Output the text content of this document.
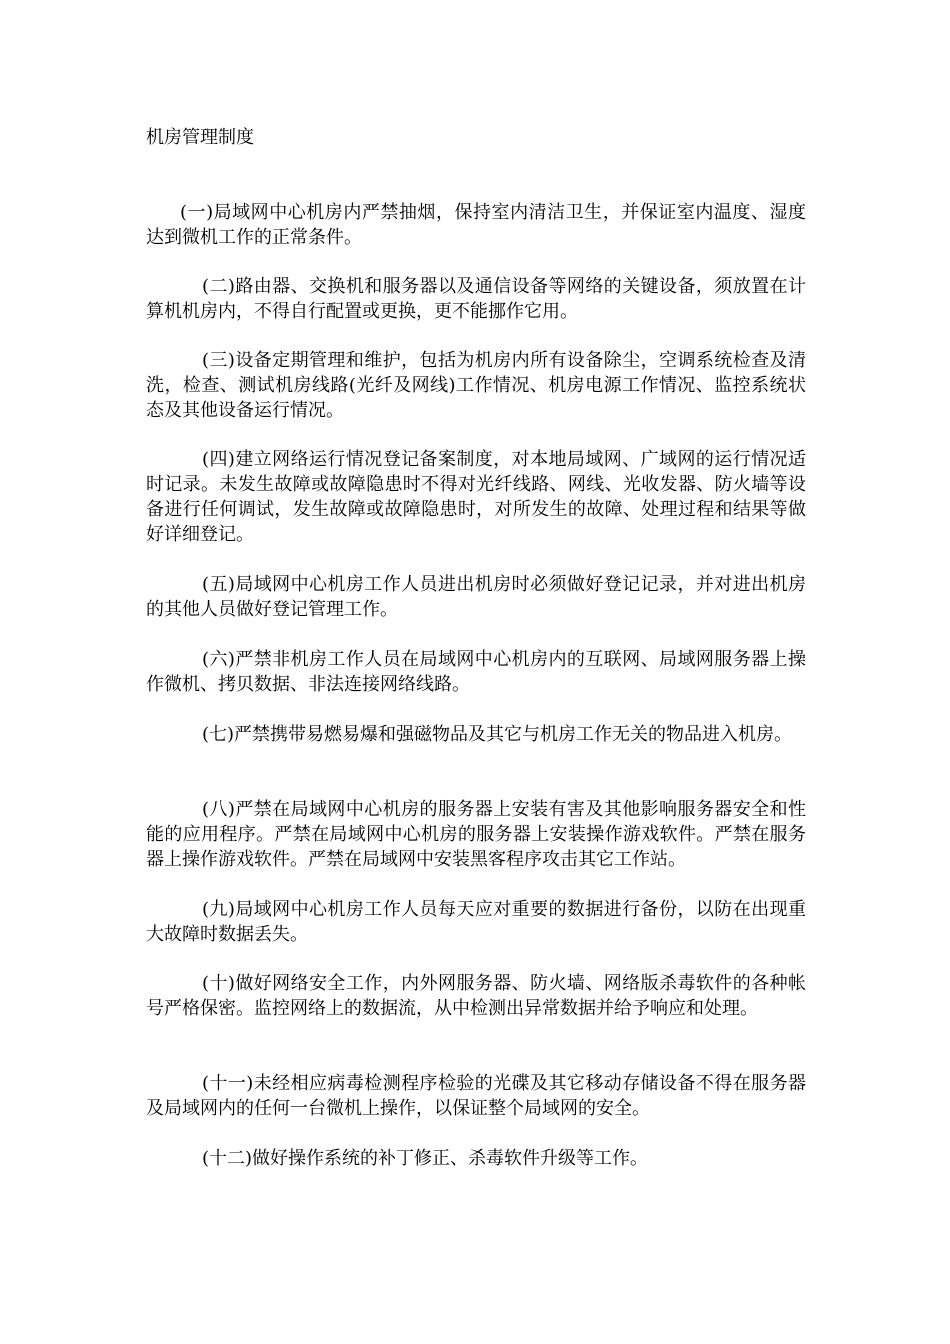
机房管理制度

(一)局域网中心机房内严禁抽烟，保持室内清洁卫生，并保证室内温度、湿度达到微机工作的正常条件。

(二)路由器、交换机和服务器以及通信设备等网络的关键设备，须放置在计算机机房内，不得自行配置或更换，更不能挪作它用。

(三)设备定期管理和维护，包括为机房内所有设备除尘，空调系统检查及清洗，检查、测试机房线路(光纤及网线)工作情况、机房电源工作情况、监控系统状态及其他设备运行情况。

(四)建立网络运行情况登记备案制度，对本地局域网、广域网的运行情况适时记录。未发生故障或故障隐患时不得对光纤线路、网线、光收发器、防火墙等设备进行任何调试，发生故障或故障隐患时，对所发生的故障、处理过程和结果等做好详细登记。

(五)局域网中心机房工作人员进出机房时必须做好登记记录，并对进出机房的其他人员做好登记管理工作。

(六)严禁非机房工作人员在局域网中心机房内的互联网、局域网服务器上操作微机、拷贝数据、非法连接网络线路。

(七)严禁携带易燃易爆和强磁物品及其它与机房工作无关的物品进入机房。

(八)严禁在局域网中心机房的服务器上安装有害及其他影响服务器安全和性能的应用程序。严禁在局域网中心机房的服务器上安装操作游戏软件。严禁在服务器上操作游戏软件。严禁在局域网中安装黑客程序攻击其它工作站。

(九)局域网中心机房工作人员每天应对重要的数据进行备份，以防在出现重大故障时数据丢失。

(十)做好网络安全工作，内外网服务器、防火墙、网络版杀毒软件的各种帐号严格保密。监控网络上的数据流，从中检测出异常数据并给予响应和处理。

(十一)未经相应病毒检测程序检验的光碟及其它移动存储设备不得在服务器及局域网内的任何一台微机上操作，以保证整个局域网的安全。

(十二)做好操作系统的补丁修正、杀毒软件升级等工作。
